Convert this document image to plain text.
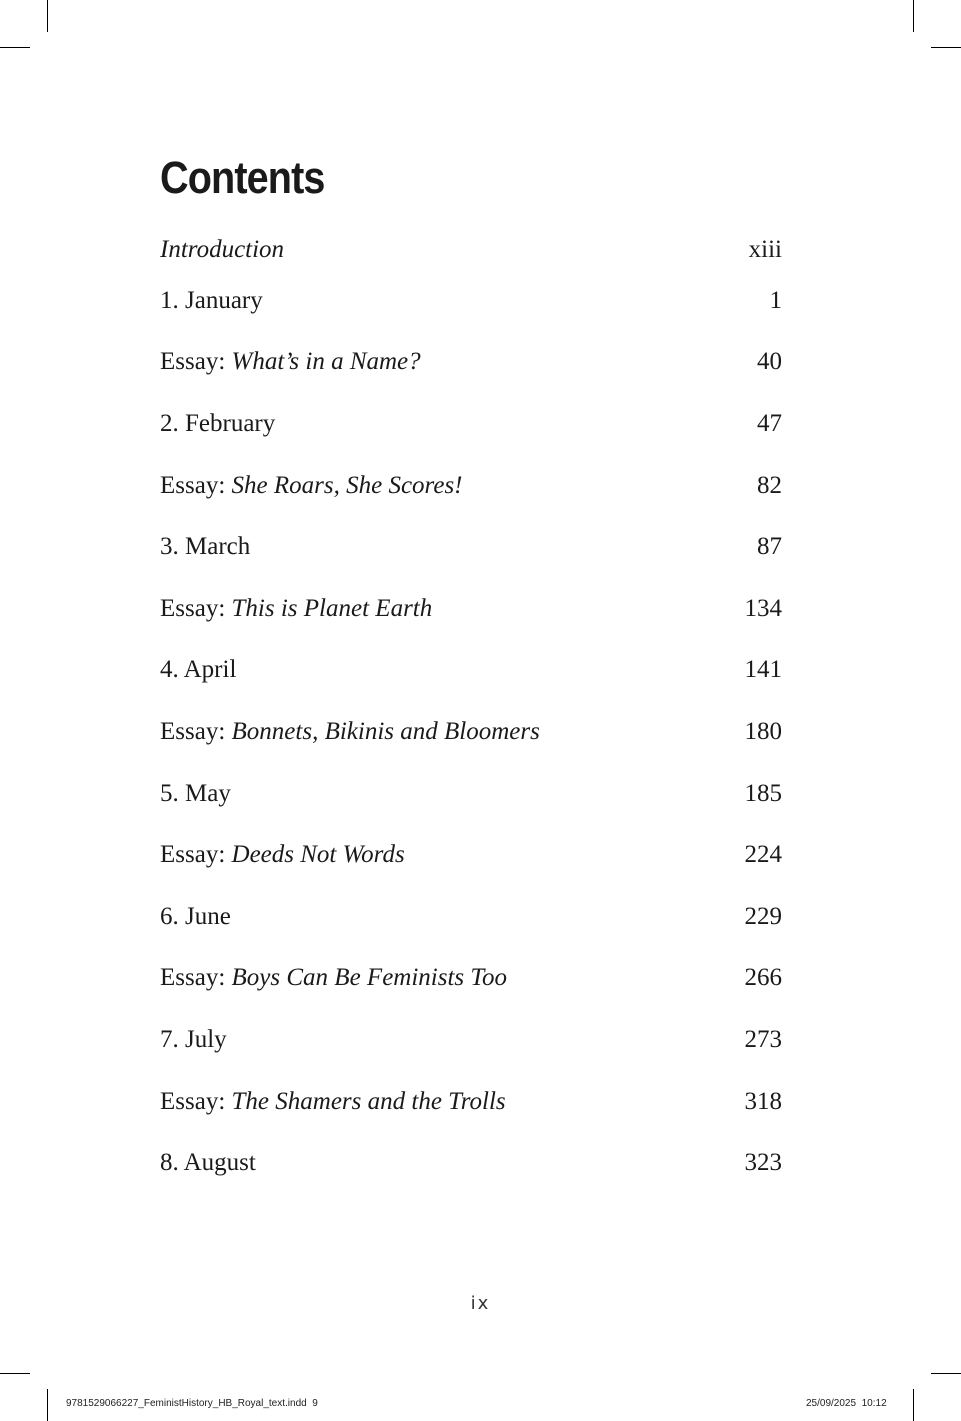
Contents
Introduction	xiii
1. January	1
Essay: What’s in a Name?	40
2. February	47
Essay: She Roars, She Scores!	82
3. March	87
Essay: This is Planet Earth	134
4. April	141
Essay: Bonnets, Bikinis and Bloomers	180
5. May	185
Essay: Deeds Not Words	224
6. June	229
Essay: Boys Can Be Feminists Too	266
7. July	273
Essay: The Shamers and the Trolls	318
8. August	323
ix
9781529066227_FeministHistory_HB_Royal_text.indd 9	25/09/2025 10:12
